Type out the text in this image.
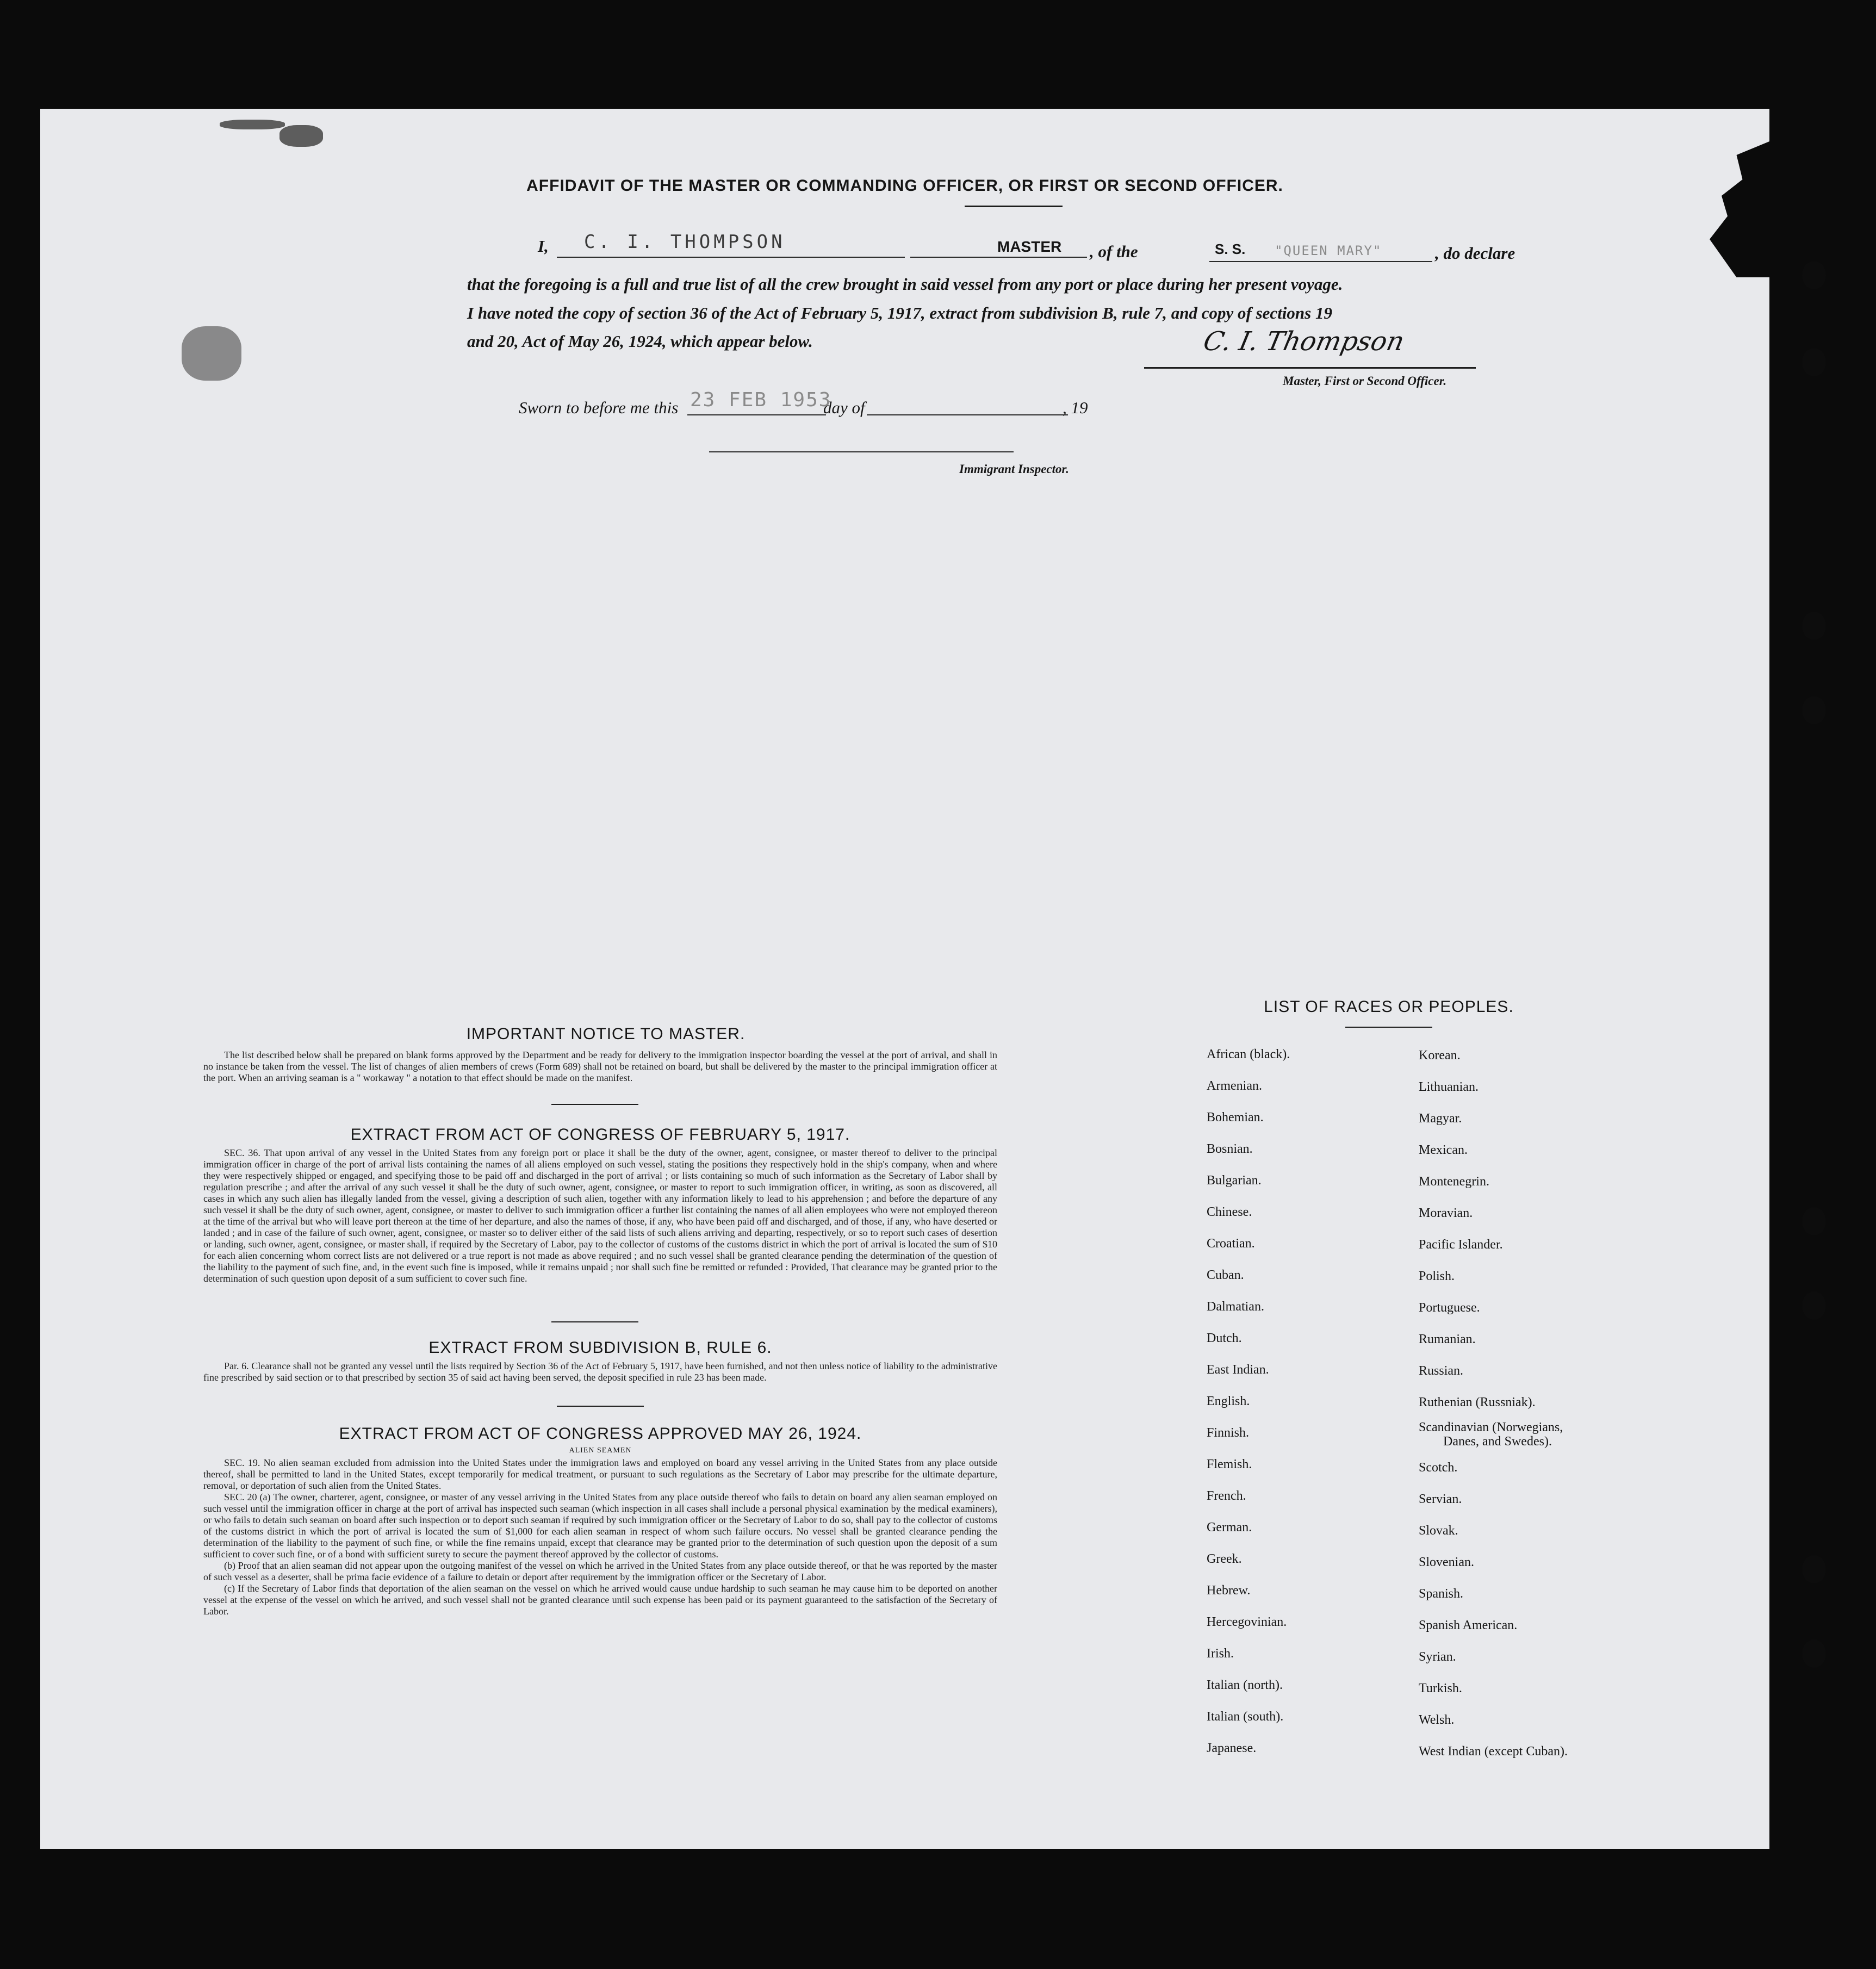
AFFIDAVIT OF THE MASTER OR COMMANDING OFFICER, OR FIRST OR SECOND OFFICER.
I, C. I. THOMPSON	MASTER , of the	S. S. "QUEEN MARY"	, do declare
that the foregoing is a full and true list of all the crew brought in said vessel from any port or place during her present voyage.
I have noted the copy of section 36 of the Act of February 5, 1917, extract from subdivision B, rule 7, and copy of sections 19
and 20, Act of May 26, 1924, which appear below.	C. I. Thompson
Master, First or Second Officer.
Sworn to before me this 23 FEB 1953
day of	, 19
Immigrant Inspector.
IMPORTANT NOTICE TO MASTER.

The list described below shall be prepared on blank forms approved by the Department and be ready for delivery to the immigration inspector boarding the vessel at the port of arrival, and shall in no instance be taken from the vessel. The list of changes of alien members of crews (Form 689) shall not be retained on board, but shall be delivered by the master to the principal immigration officer at the port. When an arriving seaman is a " workaway " a notation to that effect should be made on the manifest.

EXTRACT FROM ACT OF CONGRESS OF FEBRUARY 5, 1917.

SEC. 36. That upon arrival of any vessel in the United States from any foreign port or place it shall be the duty of the owner, agent, consignee, or master thereof to deliver to the principal immigration officer in charge of the port of arrival lists containing the names of all aliens employed on such vessel, stating the positions they respectively hold in the ship's company, when and where they were respectively shipped or engaged, and specifying those to be paid off and discharged in the port of arrival ; or lists containing so much of such information as the Secretary of Labor shall by regulation prescribe ; and after the arrival of any such vessel it shall be the duty of such owner, agent, consignee, or master to report to such immigration officer, in writing, as soon as discovered, all cases in which any such alien has illegally landed from the vessel, giving a description of such alien, together with any information likely to lead to his apprehension ; and before the departure of any such vessel it shall be the duty of such owner, agent, consignee, or master to deliver to such immigration officer a further list containing the names of all alien employees who were not employed thereon at the time of the arrival but who will leave port thereon at the time of her departure, and also the names of those, if any, who have been paid off and discharged, and of those, if any, who have deserted or landed ; and in case of the failure of such owner, agent, consignee, or master so to deliver either of the said lists of such aliens arriving and departing, respectively, or so to report such cases of desertion or landing, such owner, agent, consignee, or master shall, if required by the Secretary of Labor, pay to the collector of customs of the customs district in which the port of arrival is located the sum of $10 for each alien concerning whom correct lists are not delivered or a true report is not made as above required ; and no such vessel shall be granted clearance pending the determination of the question of the liability to the payment of such fine, and, in the event such fine is imposed, while it remains unpaid ; nor shall such fine be remitted or refunded : Provided, That clearance may be granted prior to the determination of such question upon deposit of a sum sufficient to cover such fine.

EXTRACT FROM SUBDIVISION B, RULE 6.

Par. 6. Clearance shall not be granted any vessel until the lists required by Section 36 of the Act of February 5, 1917, have been furnished, and not then unless notice of liability to the administrative fine prescribed by said section or to that prescribed by section 35 of said act having been served, the deposit specified in rule 23 has been made.

EXTRACT FROM ACT OF CONGRESS APPROVED MAY 26, 1924.
ALIEN SEAMEN

SEC. 19. No alien seaman excluded from admission into the United States under the immigration laws and employed on board any vessel arriving in the United States from any place outside thereof, shall be permitted to land in the United States, except temporarily for medical treatment, or pursuant to such regulations as the Secretary of Labor may prescribe for the ultimate departure, removal, or deportation of such alien from the United States.

SEC. 20 (a) The owner, charterer, agent, consignee, or master of any vessel arriving in the United States from any place outside thereof who fails to detain on board any alien seaman employed on such vessel until the immigration officer in charge at the port of arrival has inspected such seaman (which inspection in all cases shall include a personal physical examination by the medical examiners), or who fails to detain such seaman on board after such inspection or to deport such seaman if required by such immigration officer or the Secretary of Labor to do so, shall pay to the collector of customs of the customs district in which the port of arrival is located the sum of $1,000 for each alien seaman in respect of whom such failure occurs. No vessel shall be granted clearance pending the determination of the liability to the payment of such fine, or while the fine remains unpaid, except that clearance may be granted prior to the determination of such question upon the deposit of a sum sufficient to cover such fine, or of a bond with sufficient surety to secure the payment thereof approved by the collector of customs.

(b) Proof that an alien seaman did not appear upon the outgoing manifest of the vessel on which he arrived in the United States from any place outside thereof, or that he was reported by the master of such vessel as a deserter, shall be prima facie evidence of a failure to detain or deport after requirement by the immigration officer or the Secretary of Labor.

(c) If the Secretary of Labor finds that deportation of the alien seaman on the vessel on which he arrived would cause undue hardship to such seaman he may cause him to be deported on another vessel at the expense of the vessel on which he arrived, and such vessel shall not be granted clearance until such expense has been paid or its payment guaranteed to the satisfaction of the Secretary of Labor.

LIST OF RACES OR PEOPLES.
African (black).
Armenian.
Bohemian.
Bosnian.
Bulgarian.
Chinese.
Croatian.
Cuban.
Dalmatian.
Dutch.
East Indian.
English.
Finnish.
Flemish.
French.
German.
Greek.
Hebrew.
Hercegovinian.
Irish.
Italian (north).
Italian (south).
Japanese.
Korean.
Lithuanian.
Magyar.
Mexican.
Montenegrin.
Moravian.
Pacific Islander.
Polish.
Portuguese.
Rumanian.
Russian.
Ruthenian (Russniak).
Scandinavian (Norwegians,
Danes, and Swedes).
Scotch.
Servian.
Slovak.
Slovenian.
Spanish.
Spanish American.
Syrian.
Turkish.
Welsh.
West Indian (except Cuban).
